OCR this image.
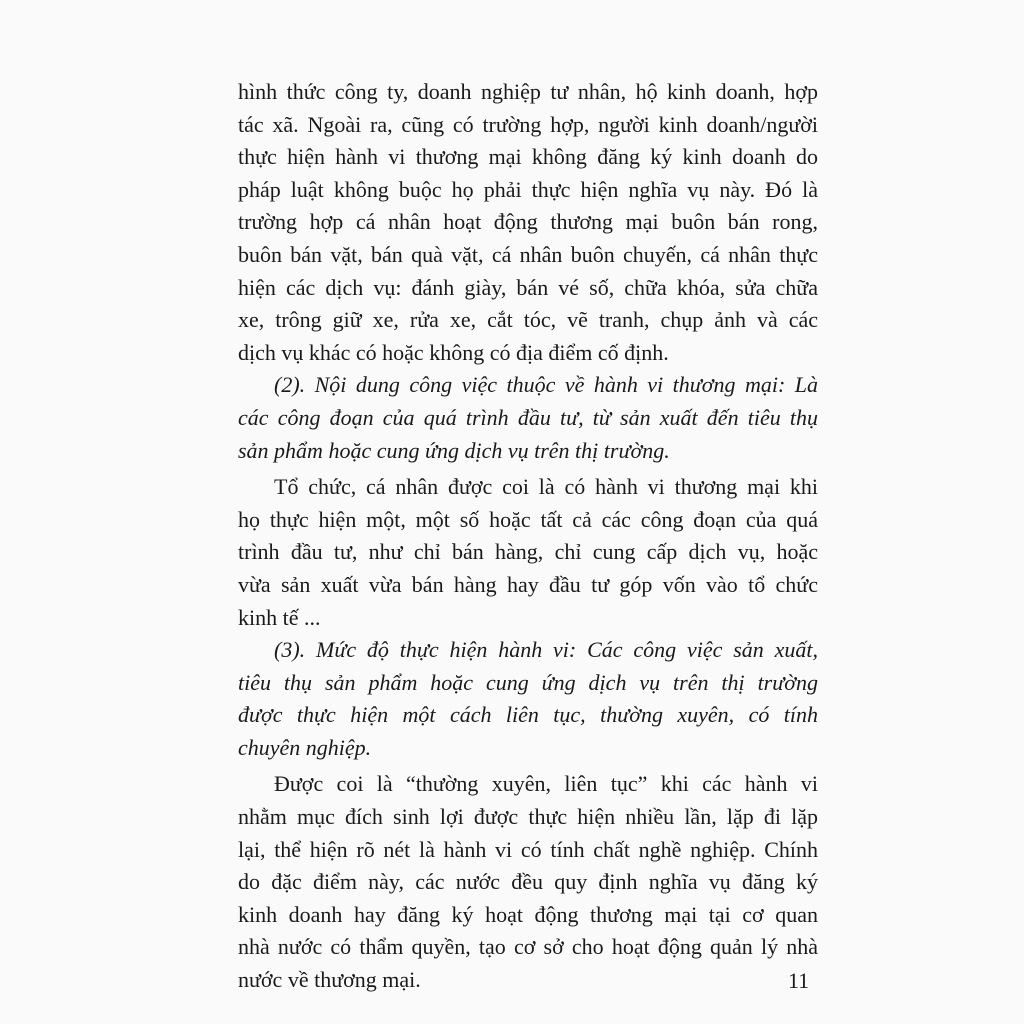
hình thức công ty, doanh nghiệp tư nhân, hộ kinh doanh, hợp
tác xã. Ngoài ra, cũng có trường hợp, người kinh doanh/người
thực hiện hành vi thương mại không đăng ký kinh doanh do
pháp luật không buộc họ phải thực hiện nghĩa vụ này. Đó là
trường hợp cá nhân hoạt động thương mại buôn bán rong,
buôn bán vặt, bán quà vặt, cá nhân buôn chuyến, cá nhân thực
hiện các dịch vụ: đánh giày, bán vé số, chữa khóa, sửa chữa
xe, trông giữ xe, rửa xe, cắt tóc, vẽ tranh, chụp ảnh và các
dịch vụ khác có hoặc không có địa điểm cố định.
(2). Nội dung công việc thuộc về hành vi thương mại: Là
các công đoạn của quá trình đầu tư, từ sản xuất đến tiêu thụ
sản phẩm hoặc cung ứng dịch vụ trên thị trường.
Tổ chức, cá nhân được coi là có hành vi thương mại khi
họ thực hiện một, một số hoặc tất cả các công đoạn của quá
trình đầu tư, như chỉ bán hàng, chỉ cung cấp dịch vụ, hoặc
vừa sản xuất vừa bán hàng hay đầu tư góp vốn vào tổ chức
kinh tế ...
(3). Mức độ thực hiện hành vi: Các công việc sản xuất,
tiêu thụ sản phẩm hoặc cung ứng dịch vụ trên thị trường
được thực hiện một cách liên tục, thường xuyên, có tính
chuyên nghiệp.
Được coi là “thường xuyên, liên tục” khi các hành vi
nhằm mục đích sinh lợi được thực hiện nhiều lần, lặp đi lặp
lại, thể hiện rõ nét là hành vi có tính chất nghề nghiệp. Chính
do đặc điểm này, các nước đều quy định nghĩa vụ đăng ký
kinh doanh hay đăng ký hoạt động thương mại tại cơ quan
nhà nước có thẩm quyền, tạo cơ sở cho hoạt động quản lý nhà
nước về thương mại.	11
